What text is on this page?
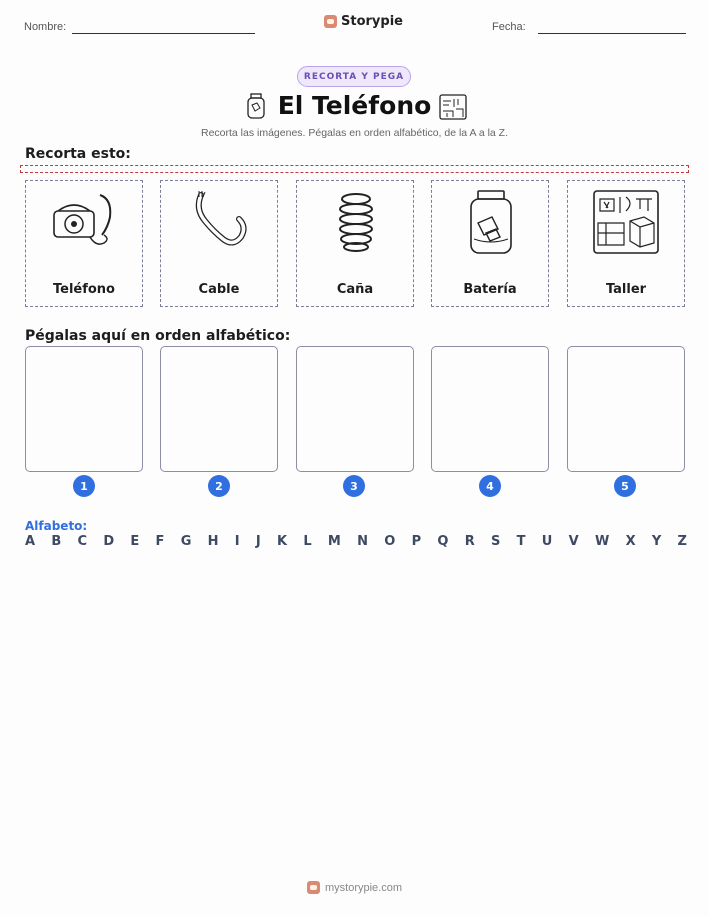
Nombre:	Storypie	Fecha:
RECORTA Y PEGA
El Teléfono
Recorta las imágenes. Pégalas en orden alfabético, de la A a la Z.
Recorta esto:
Teléfono	Cable	Caña	Batería	Taller
Pégalas aquí en orden alfabético:
1	2	3	4	5
Alfabeto:
A B C D E F G H I J K L M N O P Q R S T U V W X Y Z
mystorypie.com
